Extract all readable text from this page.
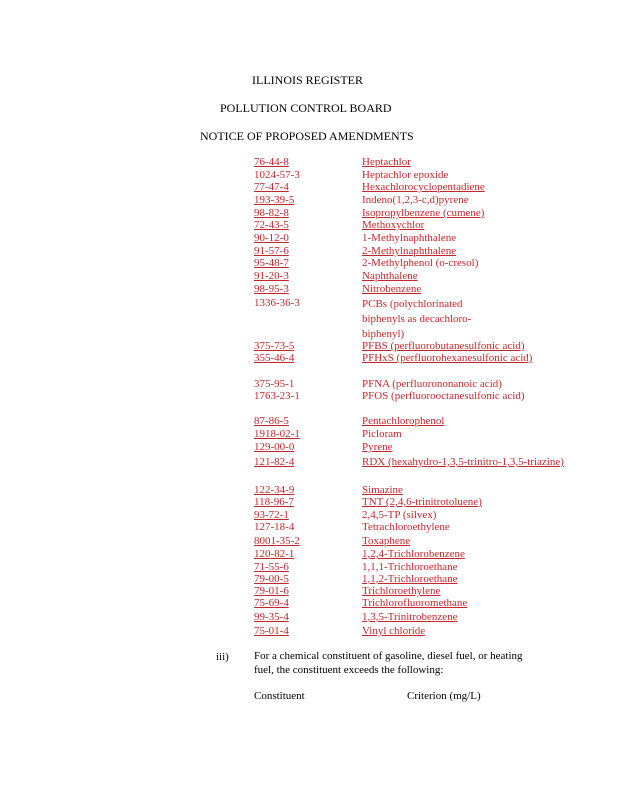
ILLINOIS REGISTER
POLLUTION CONTROL BOARD
NOTICE OF PROPOSED AMENDMENTS
76-44-8	Heptachlor
1024-57-3	Heptachlor epoxide
77-47-4	Hexachlorocyclopentadiene
193-39-5	Indeno(1,2,3-c,d)pyrene
98-82-8	Isopropylbenzene (cumene)
72-43-5	Methoxychlor
90-12-0	1-Methylnaphthalene
91-57-6	2-Methylnaphthalene
95-48-7	2-Methylphenol (o-cresol)
91-20-3	Naphthalene
98-95-3	Nitrobenzene
1336-36-3	PCBs (polychlorinated biphenyls as decachloro-biphenyl)
375-73-5	PFBS (perfluorobutanesulfonic acid)
355-46-4	PFHxS (perfluorohexanesulfonic acid)
375-95-1	PFNA (perfluorononanoic acid)
1763-23-1	PFOS (perfluorooctanesulfonic acid)
87-86-5	Pentachlorophenol
1918-02-1	Picloram
129-00-0	Pyrene
121-82-4	RDX (hexahydro-1,3,5-trinitro-1,3,5-triazine)
122-34-9	Simazine
118-96-7	TNT (2,4,6-trinitrotoluene)
93-72-1	2,4,5-TP (silvex)
127-18-4	Tetrachloroethylene
8001-35-2	Toxaphene
120-82-1	1,2,4-Trichlorobenzene
71-55-6	1,1,1-Trichloroethane
79-00-5	1,1,2-Trichloroethane
79-01-6	Trichloroethylene
75-69-4	Trichlorofluoromethane
99-35-4	1,3,5-Trinitrobenzene
75-01-4	Vinyl chloride
iii) For a chemical constituent of gasoline, diesel fuel, or heating fuel, the constituent exceeds the following:
Constituent	Criterion (mg/L)
